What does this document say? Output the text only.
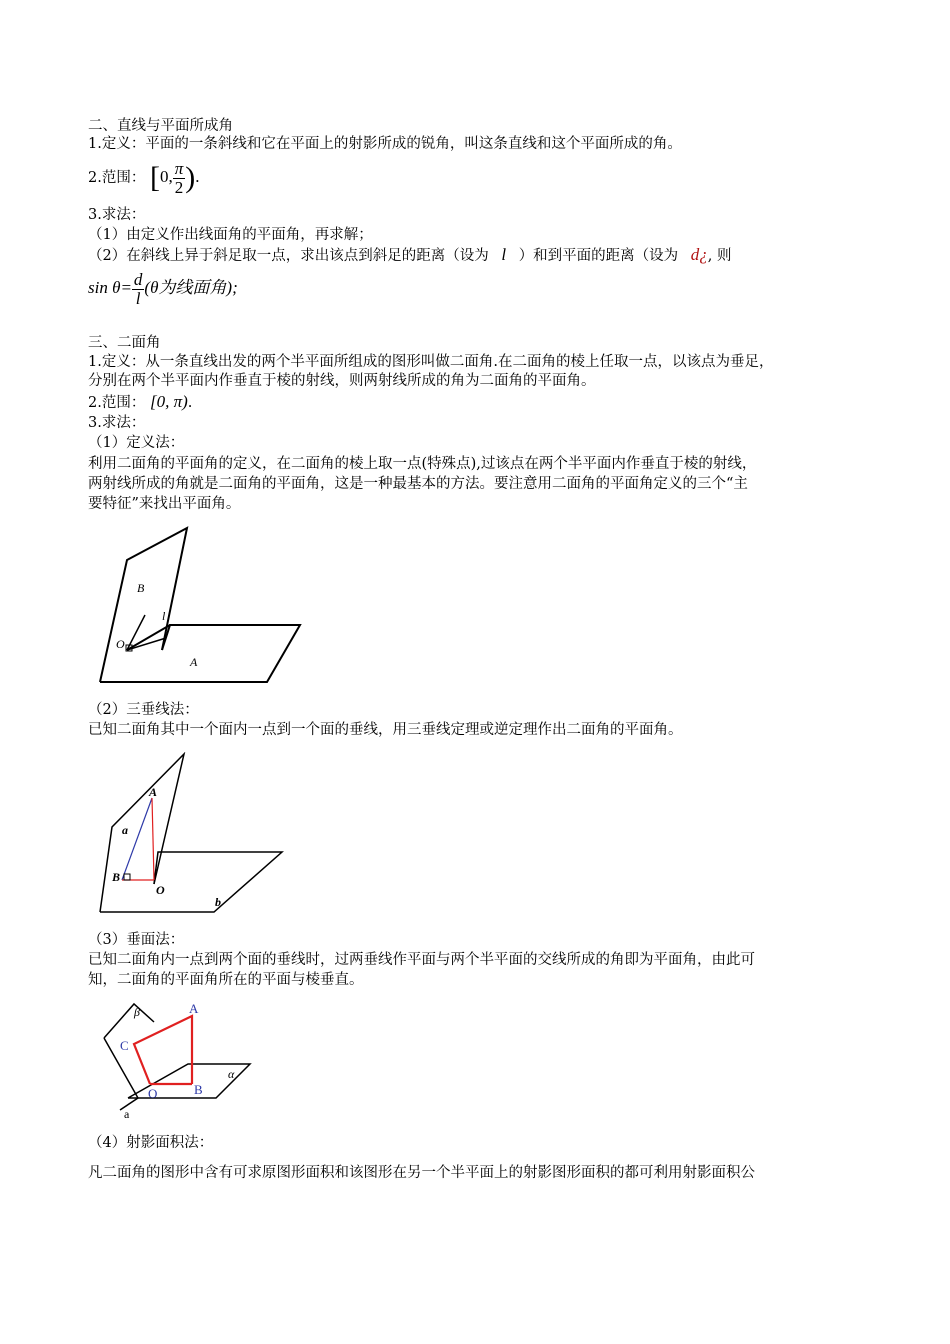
二、直线与平面所成角
1.定义：平面的一条斜线和它在平面上的射影所成的锐角，叫这条直线和这个平面所成的角。
2.范围： [0, $\frac{\pi}{2}$ ).
3.求法：
（1）由定义作出线面角的平面角，再求解；
（2）在斜线上异于斜足取一点，求出该点到斜足的距离（设为 l ）和到平面的距离（设为 d¿, 则
$\sin \theta= \frac{d}{l} (\theta$为线面角);
三、二面角
1.定义：从一条直线出发的两个半平面所组成的图形叫做二面角.在二面角的棱上任取一点，以该点为垂足，
分别在两个半平面内作垂直于棱的射线，则两射线所成的角为二面角的平面角。
2.范围： [0, π).
3.求法：
（1）定义法：
利用二面角的平面角的定义，在二面角的棱上取一点(特殊点),过该点在两个半平面内作垂直于棱的射线，
两射线所成的角就是二面角的平面角，这是一种最基本的方法。要注意用二面角的平面角定义的三个“主
要特征”来找出平面角。
B
l
O
A
（2）三垂线法：
已知二面角其中一个面内一点到一个面的垂线，用三垂线定理或逆定理作出二面角的平面角。
A
a
B
O
b
（3）垂面法：
已知二面角内一点到两个面的垂线时，过两垂线作平面与两个半平面的交线所成的角即为平面角，由此可
知，二面角的平面角所在的平面与棱垂直。
β	A
C
α
O	B
a
（4）射影面积法：
凡二面角的图形中含有可求原图形面积和该图形在另一个半平面上的射影图形面积的都可利用射影面积公
